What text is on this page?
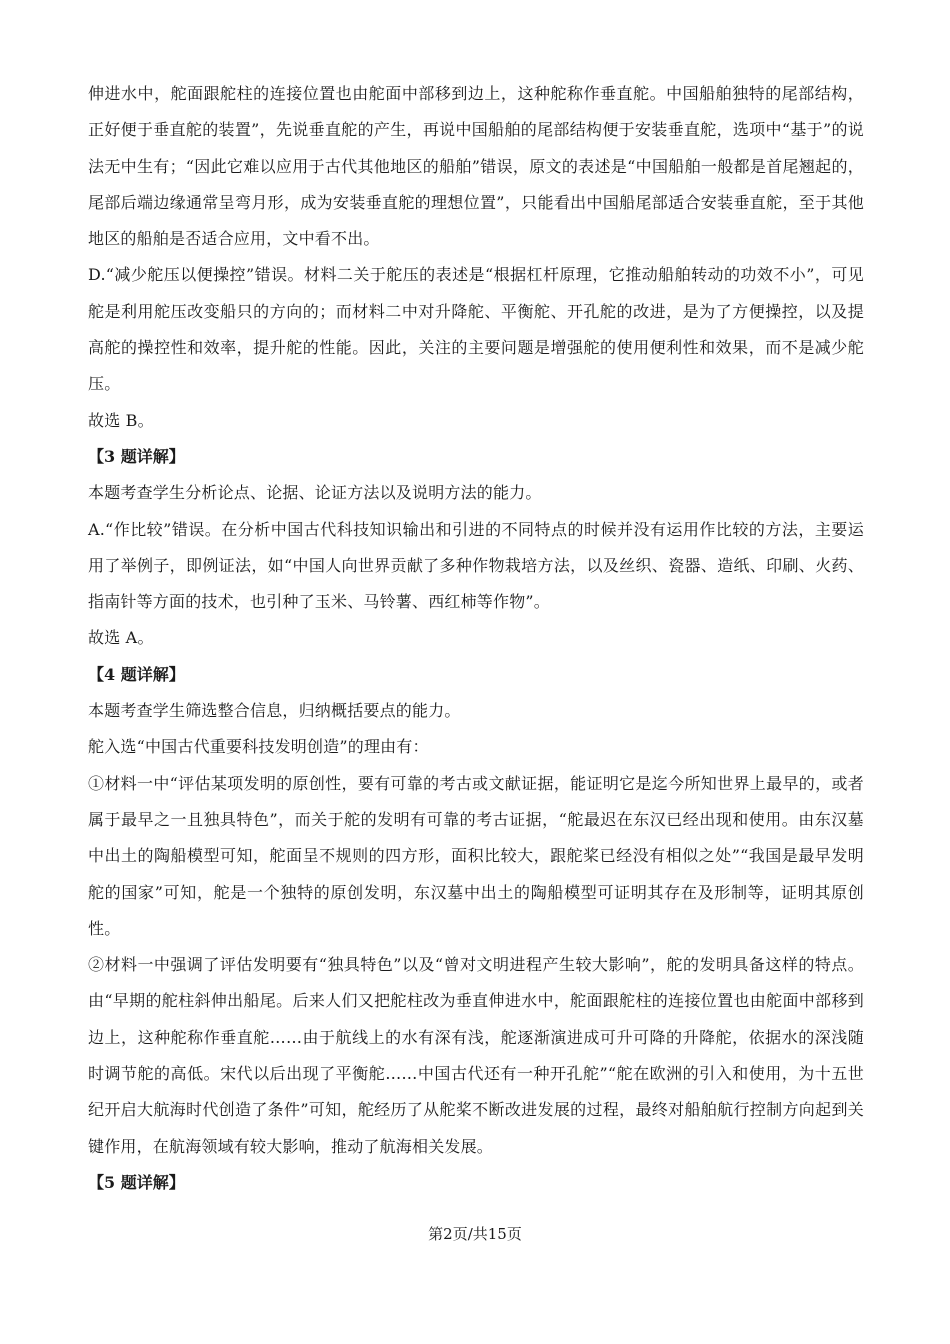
伸进水中，舵面跟舵柱的连接位置也由舵面中部移到边上，这种舵称作垂直舵。中国船舶独特的尾部结构，正好便于垂直舵的装置”，先说垂直舵的产生，再说中国船舶的尾部结构便于安装垂直舵，选项中“基于”的说法无中生有；“因此它难以应用于古代其他地区的船舶”错误，原文的表述是“中国船舶一般都是首尾翘起的，尾部后端边缘通常呈弯月形，成为安装垂直舵的理想位置”，只能看出中国船尾部适合安装垂直舵，至于其他地区的船舶是否适合应用，文中看不出。

D.“减少舵压以便操控”错误。材料二关于舵压的表述是“根据杠杆原理，它推动船舶转动的功效不小”，可见舵是利用舵压改变船只的方向的；而材料二中对升降舵、平衡舵、开孔舵的改进，是为了方便操控，以及提高舵的操控性和效率，提升舵的性能。因此，关注的主要问题是增强舵的使用便利性和效果，而不是减少舵压。

故选 B。

【3 题详解】

本题考查学生分析论点、论据、论证方法以及说明方法的能力。

A.“作比较”错误。在分析中国古代科技知识输出和引进的不同特点的时候并没有运用作比较的方法，主要运用了举例子，即例证法，如“中国人向世界贡献了多种作物栽培方法，以及丝织、瓷器、造纸、印刷、火药、指南针等方面的技术，也引种了玉米、马铃薯、西红柿等作物”。

故选 A。

【4 题详解】

本题考查学生筛选整合信息，归纳概括要点的能力。

舵入选“中国古代重要科技发明创造”的理由有：

①材料一中“评估某项发明的原创性，要有可靠的考古或文献证据，能证明它是迄今所知世界上最早的，或者属于最早之一且独具特色”，而关于舵的发明有可靠的考古证据，“舵最迟在东汉已经出现和使用。由东汉墓中出土的陶船模型可知，舵面呈不规则的四方形，面积比较大，跟舵桨已经没有相似之处”“我国是最早发明舵的国家”可知，舵是一个独特的原创发明，东汉墓中出土的陶船模型可证明其存在及形制等，证明其原创性。

②材料一中强调了评估发明要有“独具特色”以及“曾对文明进程产生较大影响”，舵的发明具备这样的特点。由“早期的舵柱斜伸出船尾。后来人们又把舵柱改为垂直伸进水中，舵面跟舵柱的连接位置也由舵面中部移到边上，这种舵称作垂直舵……由于航线上的水有深有浅，舵逐渐演进成可升可降的升降舵，依据水的深浅随时调节舵的高低。宋代以后出现了平衡舵……中国古代还有一种开孔舵”“舵在欧洲的引入和使用，为十五世纪开启大航海时代创造了条件”可知，舵经历了从舵桨不断改进发展的过程，最终对船舶航行控制方向起到关键作用，在航海领域有较大影响，推动了航海相关发展。

【5 题详解】

第2页/共15页
